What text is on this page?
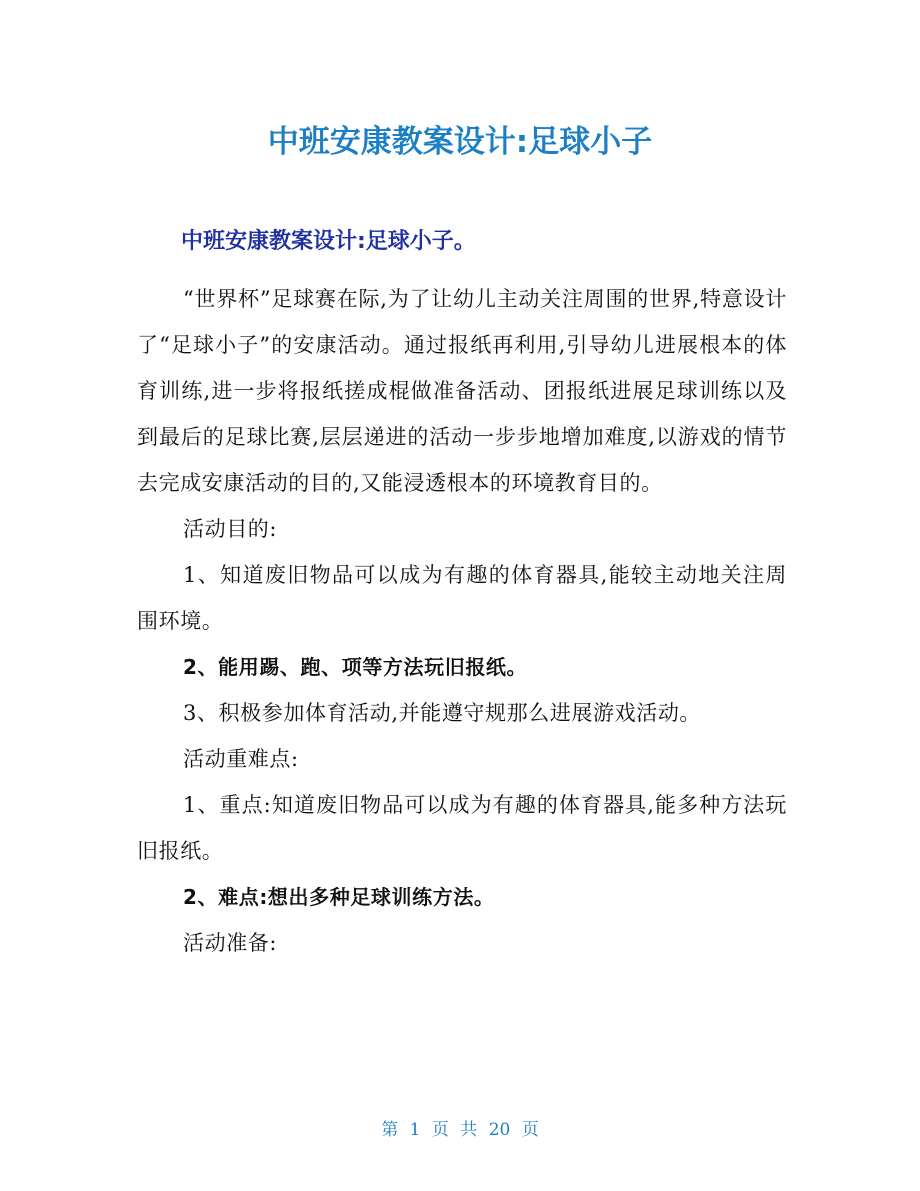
中班安康教案设计:足球小子
中班安康教案设计:足球小子。

“世界杯”足球赛在际,为了让幼儿主动关注周围的世界,特意设计了“足球小子”的安康活动。通过报纸再利用,引导幼儿进展根本的体育训练,进一步将报纸搓成棍做准备活动、团报纸进展足球训练以及到最后的足球比赛,层层递进的活动一步步地增加难度,以游戏的情节去完成安康活动的目的,又能浸透根本的环境教育目的。

活动目的:

1、知道废旧物品可以成为有趣的体育器具,能较主动地关注周围环境。

2、能用踢、跑、项等方法玩旧报纸。

3、积极参加体育活动,并能遵守规那么进展游戏活动。

活动重难点:

1、重点:知道废旧物品可以成为有趣的体育器具,能多种方法玩旧报纸。

2、难点:想出多种足球训练方法。

活动准备:

第 1 页 共 20 页
